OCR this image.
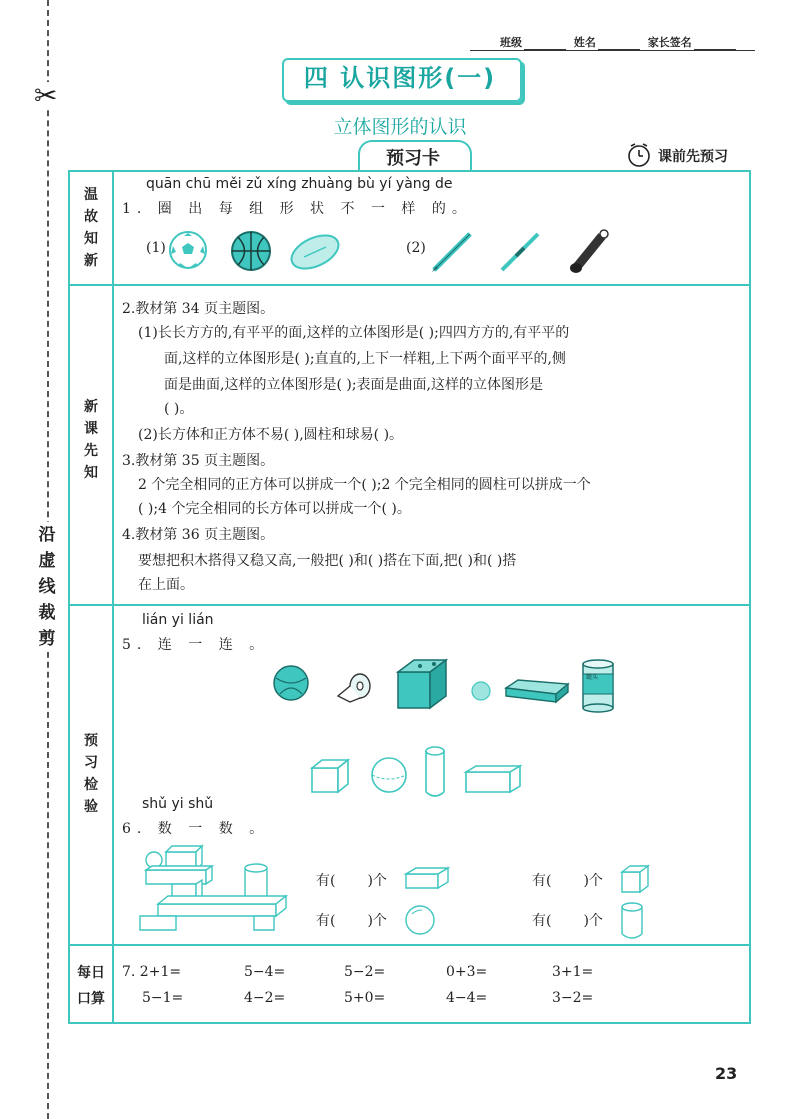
✂
沿虚线裁剪
班级	姓名	家长签名
四 认识图形(一)
立体图形的认识
预习卡	课前先预习
温故知新
新课先知
预习检验
每日口算
quān chū měi zǔ xíng zhuàng bù yí yàng de
1. 圈 出 每 组 形 状 不 一 样 的。
(1)	(2)
2.教材第 34 页主题图。
(1)长长方方的,有平平的面,这样的立体图形是( );四四方方的,有平平的
面,这样的立体图形是( );直直的,上下一样粗,上下两个面平平的,侧
面是曲面,这样的立体图形是( );表面是曲面,这样的立体图形是
( )。
(2)长方体和正方体不易( ),圆柱和球易( )。
3.教材第 35 页主题图。
2 个完全相同的正方体可以拼成一个( );2 个完全相同的圆柱可以拼成一个
( );4 个完全相同的长方体可以拼成一个( )。
4.教材第 36 页主题图。
要想把积木搭得又稳又高,一般把( )和( )搭在下面,把( )和( )搭
在上面。
lián yi lián
5. 连 一 连 。
罐头
shǔ yi shǔ
6. 数 一 数 。
有( )个	有( )个
有( )个	有( )个
7. 2+1=	5−4=	5−2=	0+3=	3+1=
5−1=	4−2=	5+0=	4−4=	3−2=
23
